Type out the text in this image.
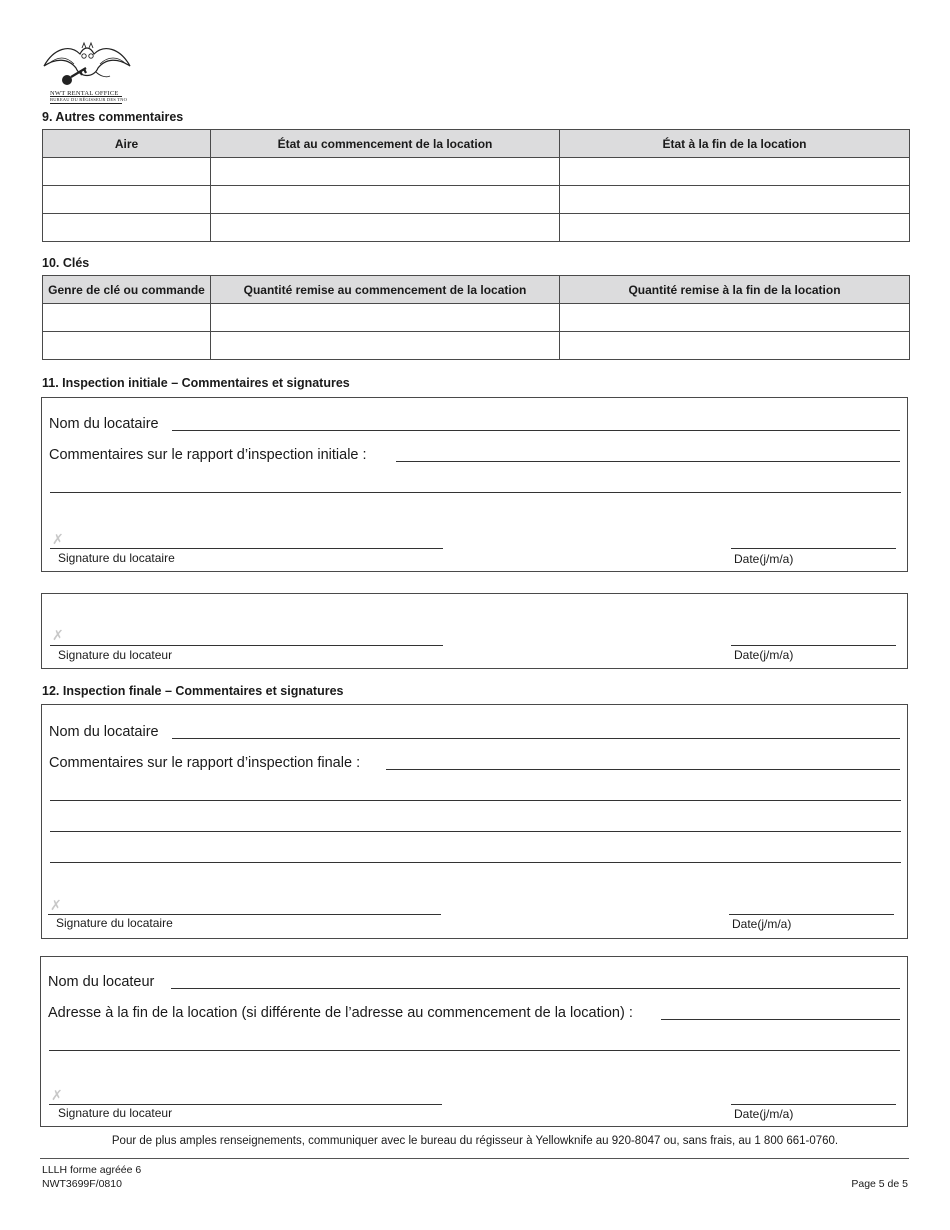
NWT RENTAL OFFICE
BUREAU DU RÉGISSEUR DES TNO
9. Autres commentaires
Aire	État au commencement de la location	État à la fin de la location

10. Clés
Genre de clé ou commande	Quantité remise au commencement de la location	Quantité remise à la fin de la location

11. Inspection initiale – Commentaires et signatures
Nom du locataire
Commentaires sur le rapport d’inspection initiale :
✗
Signature du locataire	Date(j/m/a)
✗
Signature du locateur	Date(j/m/a)
12. Inspection finale – Commentaires et signatures
Nom du locataire
Commentaires sur le rapport d’inspection finale :
✗
Signature du locataire	Date(j/m/a)
Nom du locateur
Adresse à la fin de la location (si différente de l’adresse au commencement de la location) :
✗
Signature du locateur	Date(j/m/a)
Pour de plus amples renseignements, communiquer avec le bureau du régisseur à Yellowknife au 920-8047 ou, sans frais, au 1 800 661-0760.
LLLH forme agréée 6
NWT3699F/0810	Page 5 de 5
